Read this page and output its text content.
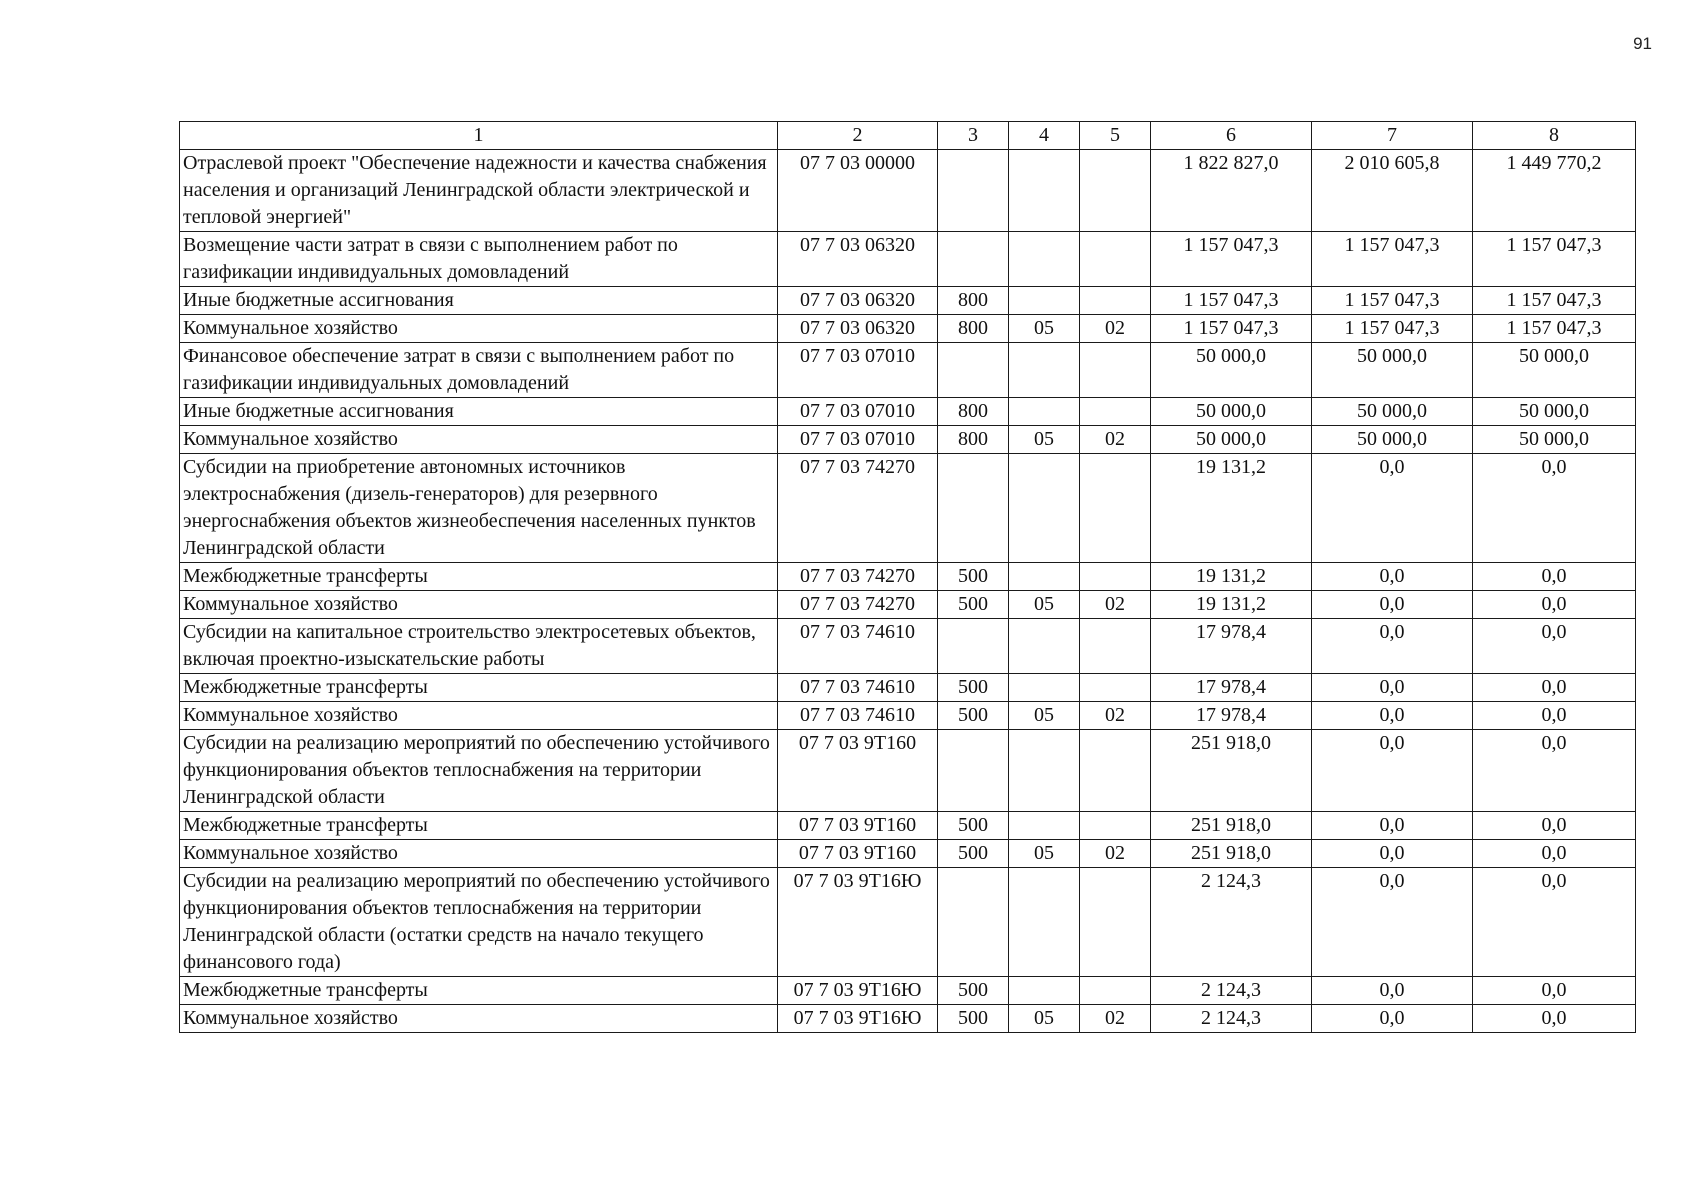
91
1	2	3	4	5	6	7	8
Отраслевой проект "Обеспечение надежности и качества снабжения населения и организаций Ленинградской области электрической и тепловой энергией"	07 7 03 00000				1 822 827,0	2 010 605,8	1 449 770,2
Возмещение части затрат в связи с выполнением работ по газификации индивидуальных домовладений	07 7 03 06320				1 157 047,3	1 157 047,3	1 157 047,3
Иные бюджетные ассигнования	07 7 03 06320	800			1 157 047,3	1 157 047,3	1 157 047,3
Коммунальное хозяйство	07 7 03 06320	800	05	02	1 157 047,3	1 157 047,3	1 157 047,3
Финансовое обеспечение затрат в связи с выполнением работ по газификации индивидуальных домовладений	07 7 03 07010				50 000,0	50 000,0	50 000,0
Иные бюджетные ассигнования	07 7 03 07010	800			50 000,0	50 000,0	50 000,0
Коммунальное хозяйство	07 7 03 07010	800	05	02	50 000,0	50 000,0	50 000,0
Субсидии на приобретение автономных источников электроснабжения (дизель-генераторов) для резервного энергоснабжения объектов жизнеобеспечения населенных пунктов Ленинградской области	07 7 03 74270				19 131,2	0,0	0,0
Межбюджетные трансферты	07 7 03 74270	500			19 131,2	0,0	0,0
Коммунальное хозяйство	07 7 03 74270	500	05	02	19 131,2	0,0	0,0
Субсидии на капитальное строительство электросетевых объектов, включая проектно-изыскательские работы	07 7 03 74610				17 978,4	0,0	0,0
Межбюджетные трансферты	07 7 03 74610	500			17 978,4	0,0	0,0
Коммунальное хозяйство	07 7 03 74610	500	05	02	17 978,4	0,0	0,0
Субсидии на реализацию мероприятий по обеспечению устойчивого функционирования объектов теплоснабжения на территории Ленинградской области	07 7 03 9Т160				251 918,0	0,0	0,0
Межбюджетные трансферты	07 7 03 9Т160	500			251 918,0	0,0	0,0
Коммунальное хозяйство	07 7 03 9Т160	500	05	02	251 918,0	0,0	0,0
Субсидии на реализацию мероприятий по обеспечению устойчивого функционирования объектов теплоснабжения на территории Ленинградской области (остатки средств на начало текущего финансового года)	07 7 03 9Т16Ю				2 124,3	0,0	0,0
Межбюджетные трансферты	07 7 03 9Т16Ю	500			2 124,3	0,0	0,0
Коммунальное хозяйство	07 7 03 9Т16Ю	500	05	02	2 124,3	0,0	0,0
